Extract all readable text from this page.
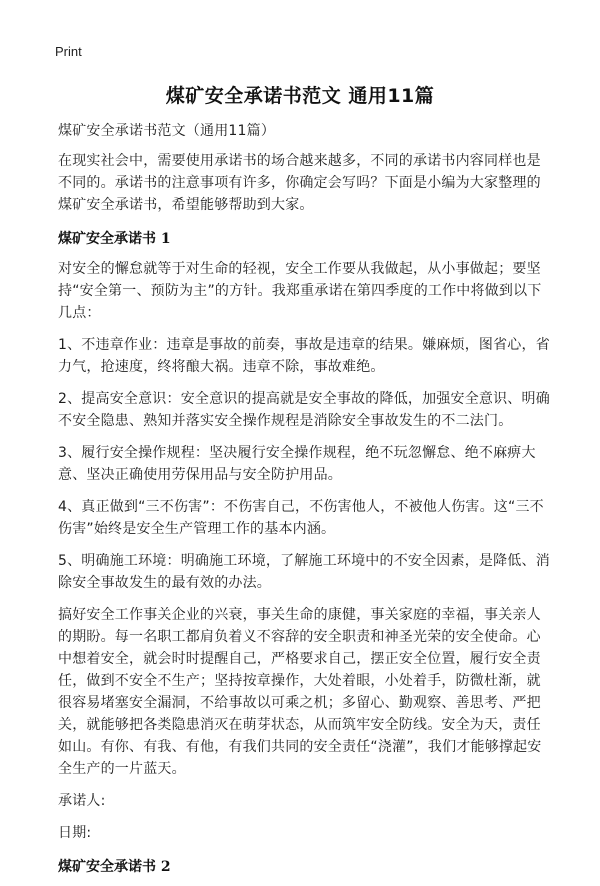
Print
煤矿安全承诺书范文 通用11篇

煤矿安全承诺书范文（通用11篇）

在现实社会中，需要使用承诺书的场合越来越多，不同的承诺书内容同样也是不同的。承诺书的注意事项有许多，你确定会写吗？下面是小编为大家整理的煤矿安全承诺书，希望能够帮助到大家。

煤矿安全承诺书 1

对安全的懈怠就等于对生命的轻视，安全工作要从我做起，从小事做起；要坚持“安全第一、预防为主”的方针。我郑重承诺在第四季度的工作中将做到以下几点：

1、不违章作业：违章是事故的前奏，事故是违章的结果。嫌麻烦，图省心，省力气，抢速度，终将酿大祸。违章不除，事故难绝。

2、提高安全意识：安全意识的提高就是安全事故的降低，加强安全意识、明确不安全隐患、熟知并落实安全操作规程是消除安全事故发生的不二法门。

3、履行安全操作规程：坚决履行安全操作规程，绝不玩忽懈怠、绝不麻痹大意、坚决正确使用劳保用品与安全防护用品。

4、真正做到“三不伤害”：不伤害自己，不伤害他人，不被他人伤害。这“三不伤害”始终是安全生产管理工作的基本内涵。

5、明确施工环境：明确施工环境，了解施工环境中的不安全因素，是降低、消除安全事故发生的最有效的办法。

搞好安全工作事关企业的兴衰，事关生命的康健，事关家庭的幸福，事关亲人的期盼。每一名职工都肩负着义不容辞的安全职责和神圣光荣的安全使命。心中想着安全，就会时时提醒自己，严格要求自己，摆正安全位置，履行安全责任，做到不安全不生产；坚持按章操作，大处着眼，小处着手，防微杜渐，就很容易堵塞安全漏洞，不给事故以可乘之机；多留心、勤观察、善思考、严把关，就能够把各类隐患消灭在萌芽状态，从而筑牢安全防线。安全为天，责任如山。有你、有我、有他，有我们共同的安全责任“浇灌”，我们才能够撑起安全生产的一片蓝天。

承诺人:

日期:

煤矿安全承诺书 2
